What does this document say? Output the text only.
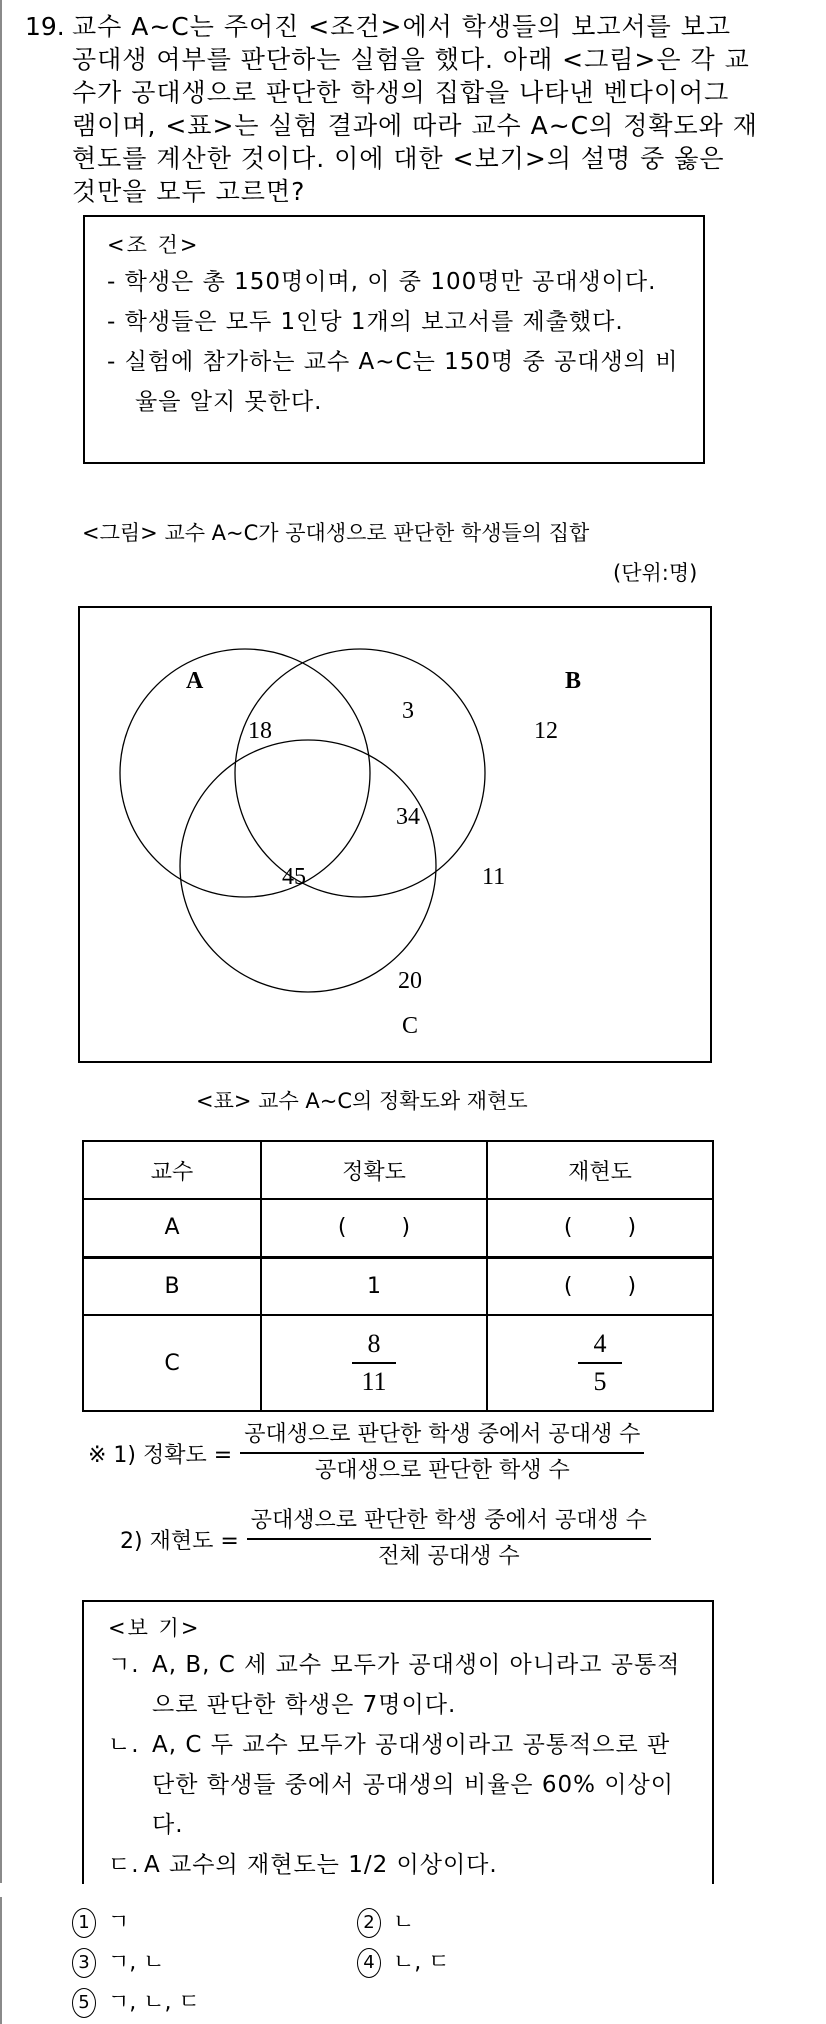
19. 교수 A~C는 주어진 <조건>에서 학생들의 보고서를 보고
공대생 여부를 판단하는 실험을 했다. 아래 <그림>은 각 교
수가 공대생으로 판단한 학생의 집합을 나타낸 벤다이어그
램이며, <표>는 실험 결과에 따라 교수 A~C의 정확도와 재
현도를 계산한 것이다. 이에 대한 <보기>의 설명 중 옳은
것만을 모두 고르면?
<조 건>
- 학생은 총 150명이며, 이 중 100명만 공대생이다.
- 학생들은 모두 1인당 1개의 보고서를 제출했다.
- 실험에 참가하는 교수 A~C는 150명 중 공대생의 비율을 알지 못한다.
<그림> 교수 A~C가 공대생으로 판단한 학생들의 집합
(단위:명)
A	B
C
18
3
12
34
45	11
20
<표> 교수 A~C의 정확도와 재현도
교수	정확도	재현도
A	( )	( )
B	1	( )
C	$\frac{8}{11}$	$\frac{4}{5}$
※ 1) 정확도 = $\frac{\text{공대생으로 판단한 학생 중에서 공대생 수}}{\text{공대생으로 판단한 학생 수}}$
2) 재현도 = $\frac{\text{공대생으로 판단한 학생 중에서 공대생 수}}{\text{전체 공대생 수}}$
<보 기>
ㄱ. A, B, C 세 교수 모두가 공대생이 아니라고 공통적으로 판단한 학생은 7명이다.
ㄴ. A, C 두 교수 모두가 공대생이라고 공통적으로 판단한 학생들 중에서 공대생의 비율은 60% 이상이다.
ㄷ. A 교수의 재현도는 1/2 이상이다.
1 ㄱ	2 ㄴ
3 ㄱ, ㄴ	4 ㄴ, ㄷ
5 ㄱ, ㄴ, ㄷ
